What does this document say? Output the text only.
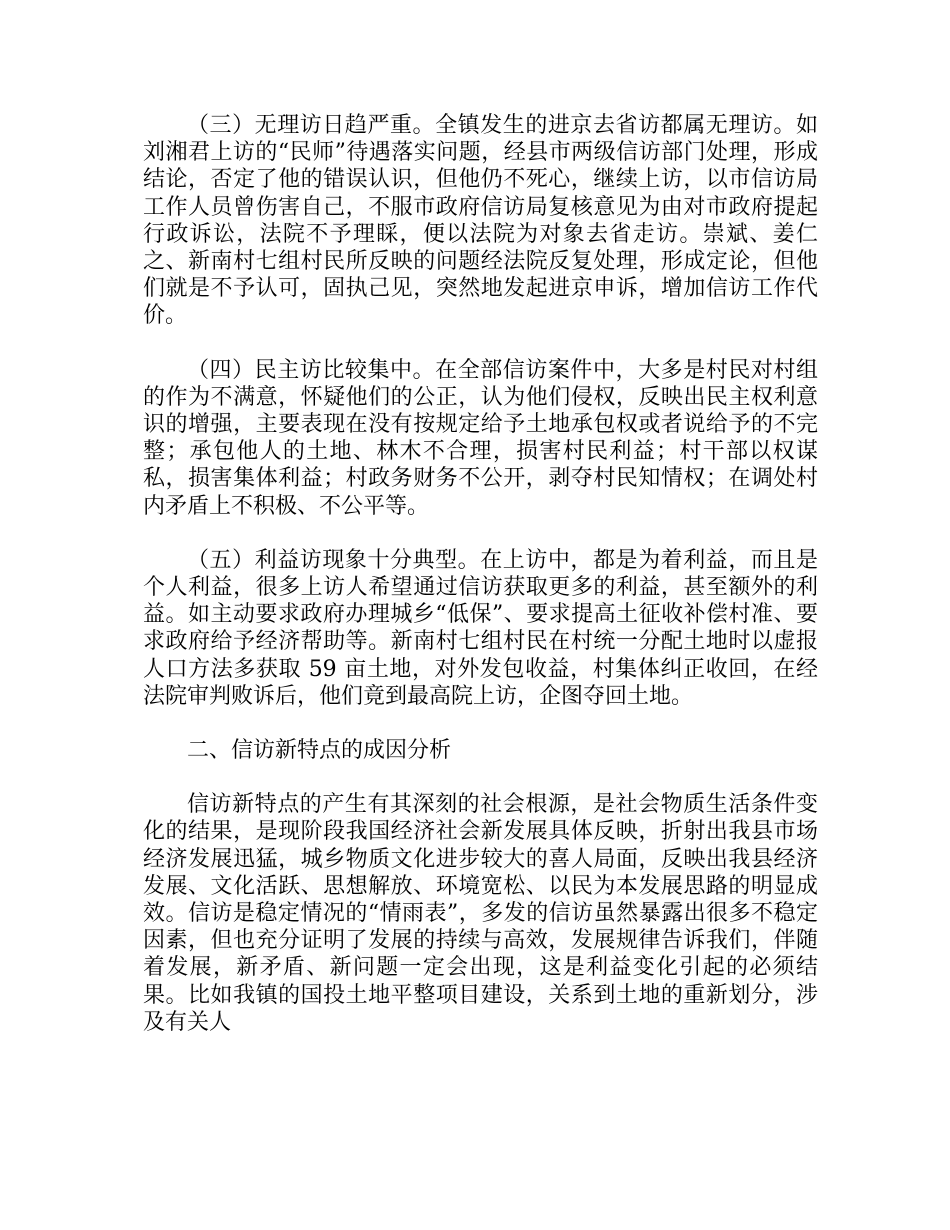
（三）无理访日趋严重。全镇发生的进京去省访都属无理访。如刘湘君上访的“民师”待遇落实问题，经县市两级信访部门处理，形成结论，否定了他的错误认识，但他仍不死心，继续上访，以市信访局工作人员曾伤害自己，不服市政府信访局复核意见为由对市政府提起行政诉讼，法院不予理睬，便以法院为对象去省走访。崇斌、姜仁之、新南村七组村民所反映的问题经法院反复处理，形成定论，但他们就是不予认可，固执己见，突然地发起进京申诉，增加信访工作代价。

（四）民主访比较集中。在全部信访案件中，大多是村民对村组的作为不满意，怀疑他们的公正，认为他们侵权，反映出民主权利意识的增强，主要表现在没有按规定给予土地承包权或者说给予的不完整；承包他人的土地、林木不合理，损害村民利益；村干部以权谋私，损害集体利益；村政务财务不公开，剥夺村民知情权；在调处村内矛盾上不积极、不公平等。

（五）利益访现象十分典型。在上访中，都是为着利益，而且是个人利益，很多上访人希望通过信访获取更多的利益，甚至额外的利益。如主动要求政府办理城乡“低保”、要求提高土征收补偿村准、要求政府给予经济帮助等。新南村七组村民在村统一分配土地时以虚报人口方法多获取 59 亩土地，对外发包收益，村集体纠正收回，在经法院审判败诉后，他们竟到最高院上访，企图夺回土地。

二、信访新特点的成因分析

信访新特点的产生有其深刻的社会根源，是社会物质生活条件变化的结果，是现阶段我国经济社会新发展具体反映，折射出我县市场经济发展迅猛，城乡物质文化进步较大的喜人局面，反映出我县经济发展、文化活跃、思想解放、环境宽松、以民为本发展思路的明显成效。信访是稳定情况的“情雨表”，多发的信访虽然暴露出很多不稳定因素，但也充分证明了发展的持续与高效，发展规律告诉我们，伴随着发展，新矛盾、新问题一定会出现，这是利益变化引起的必须结果。比如我镇的国投土地平整项目建设，关系到土地的重新划分，涉及有关人
